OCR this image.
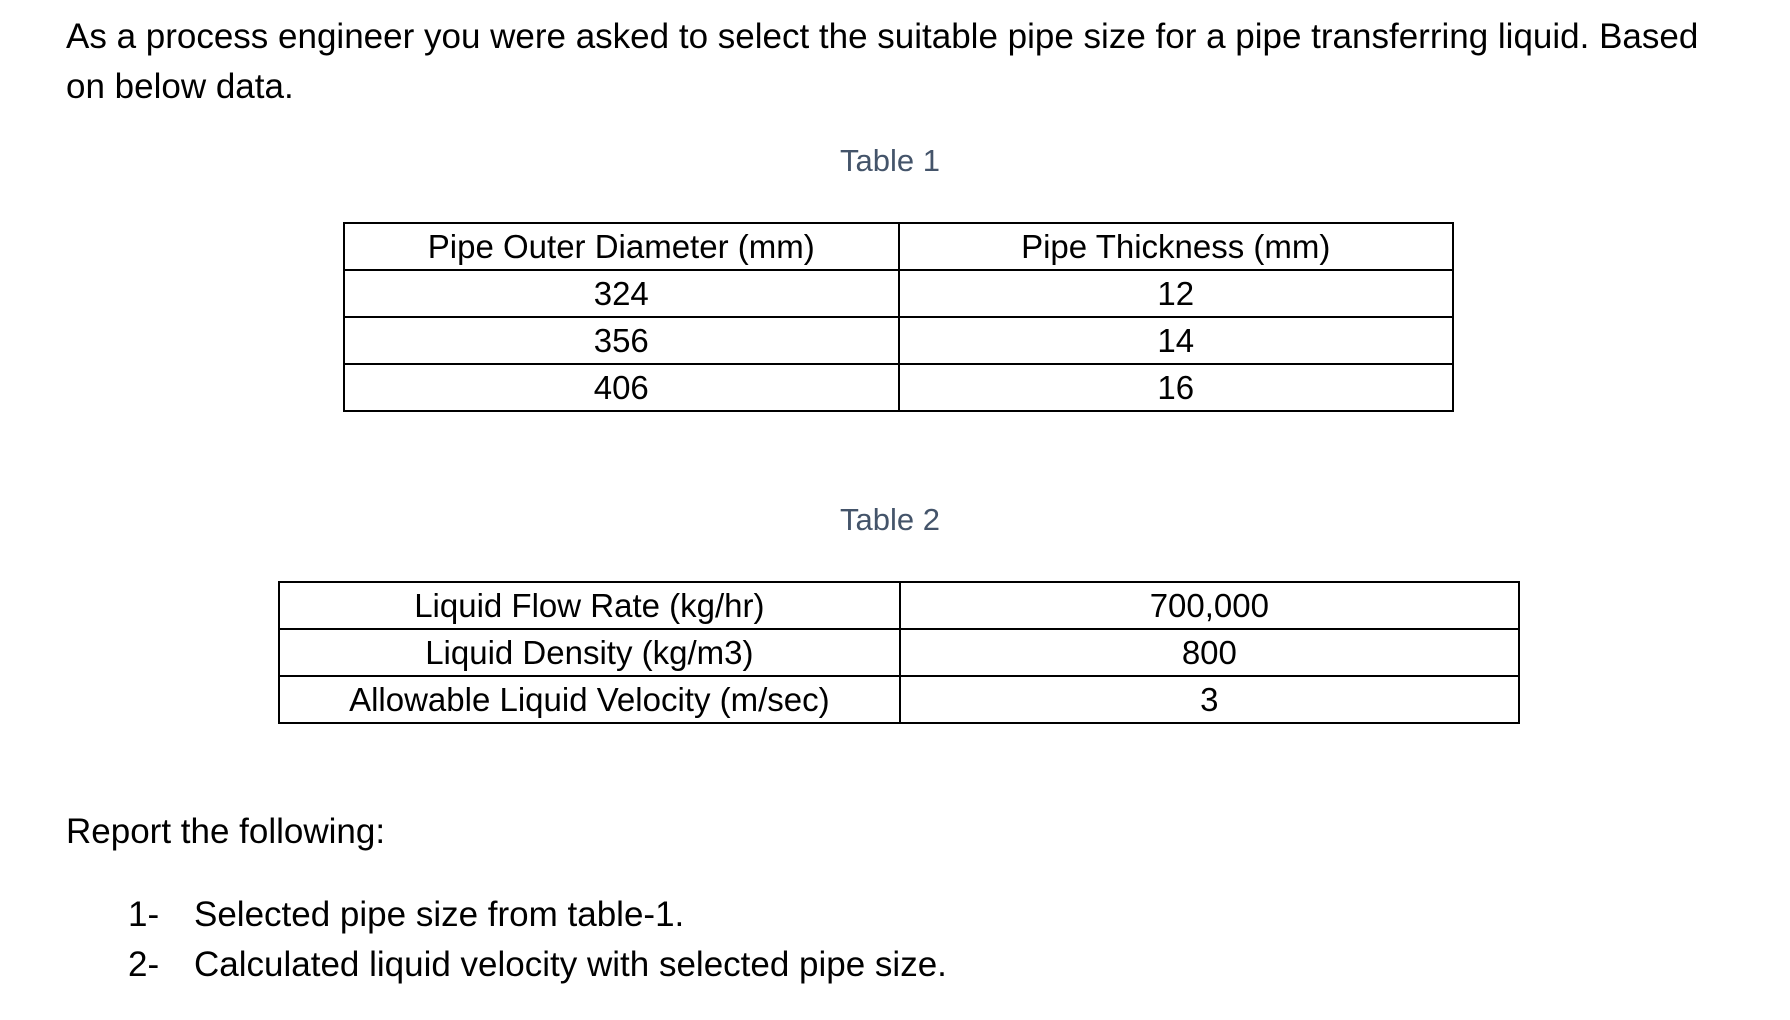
As a process engineer you were asked to select the suitable pipe size for a pipe transferring liquid. Based on below data.

Table 1

Pipe Outer Diameter (mm)	Pipe Thickness (mm)
324	12
356	14
406	16

Table 2

Liquid Flow Rate (kg/hr)	700,000
Liquid Density (kg/m3)	800
Allowable Liquid Velocity (m/sec)	3

Report the following:

1- Selected pipe size from table-1.
2- Calculated liquid velocity with selected pipe size.
